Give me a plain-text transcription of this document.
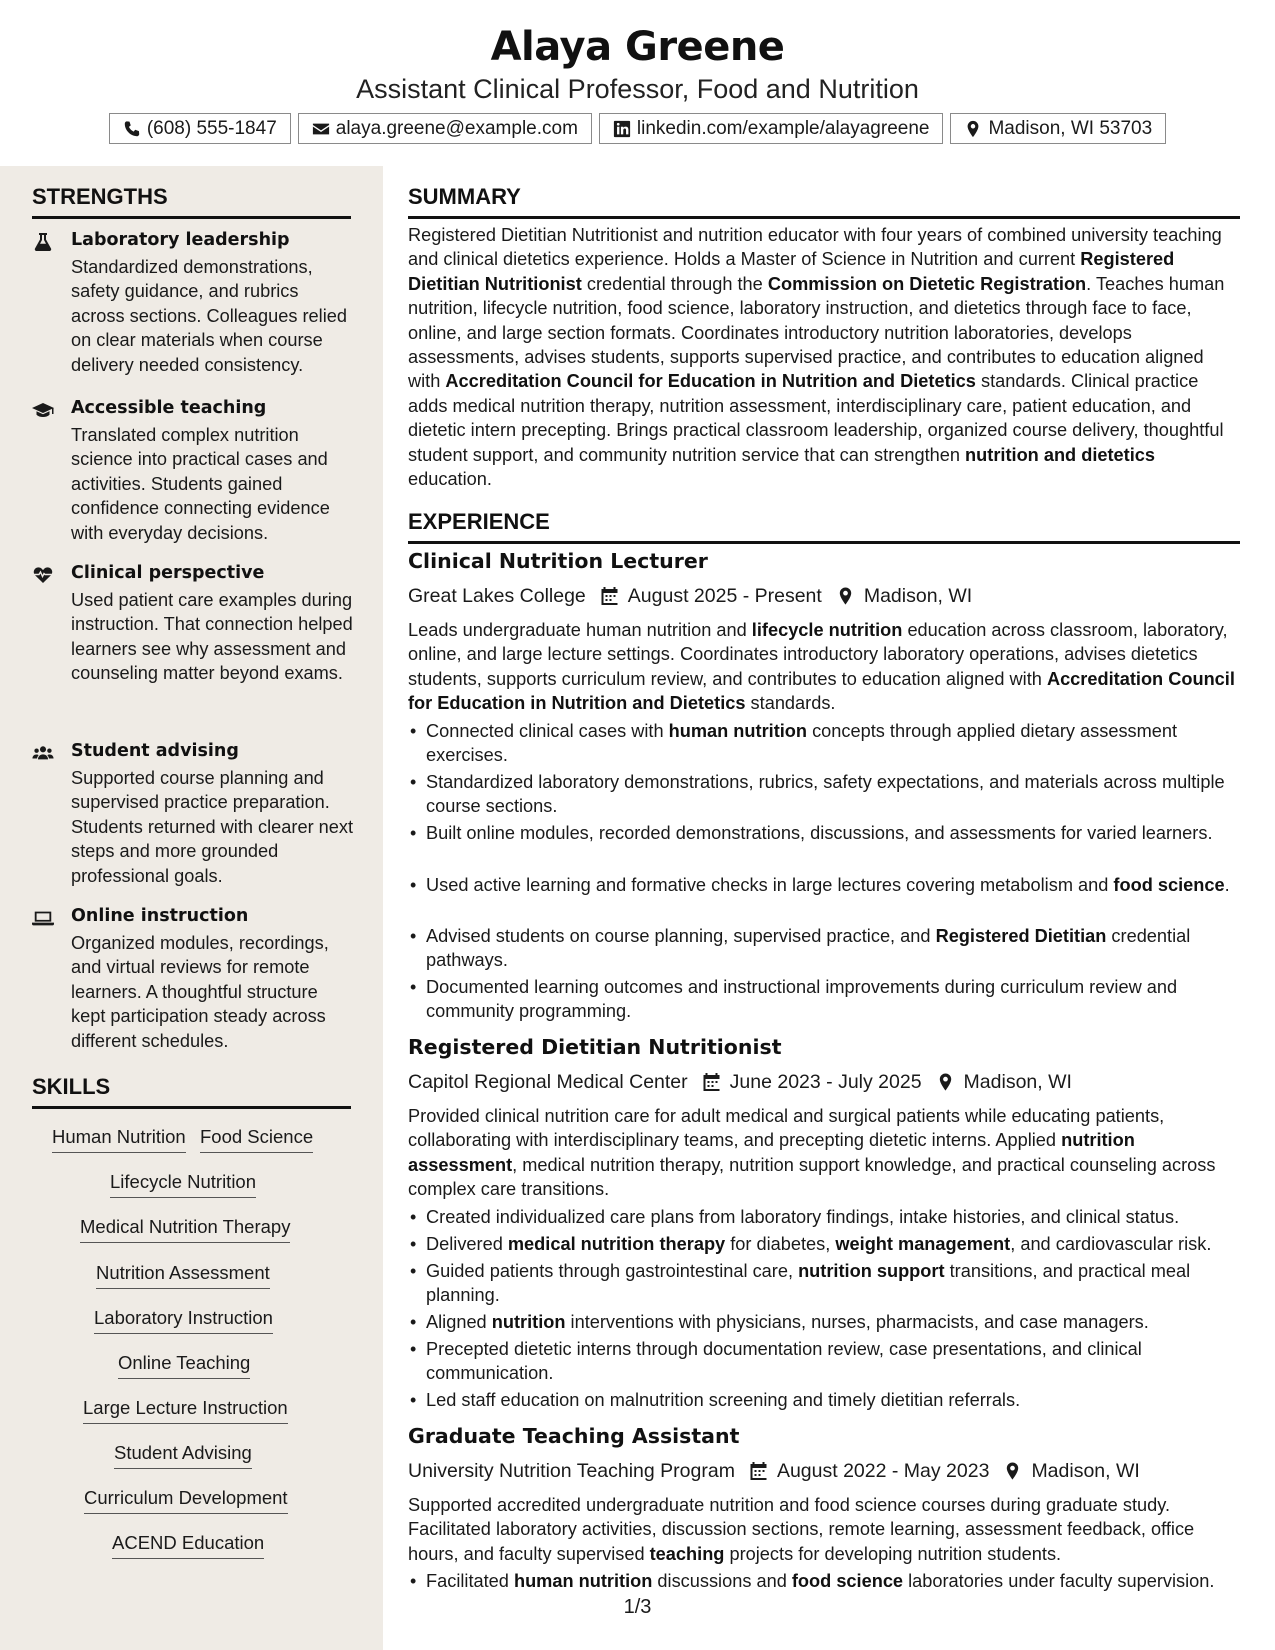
Alaya Greene
Assistant Clinical Professor, Food and Nutrition
(608) 555-1847	alaya.greene@example.com	linkedin.com/example/alayagreene	Madison, WI 53703
STRENGTHS
Laboratory leadership
Standardized demonstrations, safety guidance, and rubrics across sections. Colleagues relied on clear materials when course delivery needed consistency.
Accessible teaching
Translated complex nutrition science into practical cases and activities. Students gained confidence connecting evidence with everyday decisions.
Clinical perspective
Used patient care examples during instruction. That connection helped learners see why assessment and counseling matter beyond exams.
Student advising
Supported course planning and supervised practice preparation. Students returned with clearer next steps and more grounded professional goals.
Online instruction
Organized modules, recordings, and virtual reviews for remote learners. A thoughtful structure kept participation steady across different schedules.
SKILLS
Human Nutrition Food Science
Lifecycle Nutrition
Medical Nutrition Therapy
Nutrition Assessment
Laboratory Instruction
Online Teaching
Large Lecture Instruction
Student Advising
Curriculum Development
ACEND Education
SUMMARY
Registered Dietitian Nutritionist and nutrition educator with four years of combined university teaching and clinical dietetics experience. Holds a Master of Science in Nutrition and current Registered Dietitian Nutritionist credential through the Commission on Dietetic Registration. Teaches human nutrition, lifecycle nutrition, food science, laboratory instruction, and dietetics through face to face, online, and large section formats. Coordinates introductory nutrition laboratories, develops assessments, advises students, supports supervised practice, and contributes to education aligned with Accreditation Council for Education in Nutrition and Dietetics standards. Clinical practice adds medical nutrition therapy, nutrition assessment, interdisciplinary care, patient education, and dietetic intern precepting. Brings practical classroom leadership, organized course delivery, thoughtful student support, and community nutrition service that can strengthen nutrition and dietetics education.
EXPERIENCE
Clinical Nutrition Lecturer
Great Lakes College August 2025 - Present Madison, WI
Leads undergraduate human nutrition and lifecycle nutrition education across classroom, laboratory, online, and large lecture settings. Coordinates introductory laboratory operations, advises dietetics students, supports curriculum review, and contributes to education aligned with Accreditation Council for Education in Nutrition and Dietetics standards.
• Connected clinical cases with human nutrition concepts through applied dietary assessment exercises.
• Standardized laboratory demonstrations, rubrics, safety expectations, and materials across multiple course sections.
• Built online modules, recorded demonstrations, discussions, and assessments for varied learners.
• Used active learning and formative checks in large lectures covering metabolism and food science.
• Advised students on course planning, supervised practice, and Registered Dietitian credential pathways.
• Documented learning outcomes and instructional improvements during curriculum review and community programming.
Registered Dietitian Nutritionist
Capitol Regional Medical Center June 2023 - July 2025 Madison, WI
Provided clinical nutrition care for adult medical and surgical patients while educating patients, collaborating with interdisciplinary teams, and precepting dietetic interns. Applied nutrition assessment, medical nutrition therapy, nutrition support knowledge, and practical counseling across complex care transitions.
• Created individualized care plans from laboratory findings, intake histories, and clinical status.
• Delivered medical nutrition therapy for diabetes, weight management, and cardiovascular risk.
• Guided patients through gastrointestinal care, nutrition support transitions, and practical meal planning.
• Aligned nutrition interventions with physicians, nurses, pharmacists, and case managers.
• Precepted dietetic interns through documentation review, case presentations, and clinical communication.
• Led staff education on malnutrition screening and timely dietitian referrals.
Graduate Teaching Assistant
University Nutrition Teaching Program August 2022 - May 2023 Madison, WI
Supported accredited undergraduate nutrition and food science courses during graduate study. Facilitated laboratory activities, discussion sections, remote learning, assessment feedback, office hours, and faculty supervised teaching projects for developing nutrition students.
• Facilitated human nutrition discussions and food science laboratories under faculty supervision.
1/3
